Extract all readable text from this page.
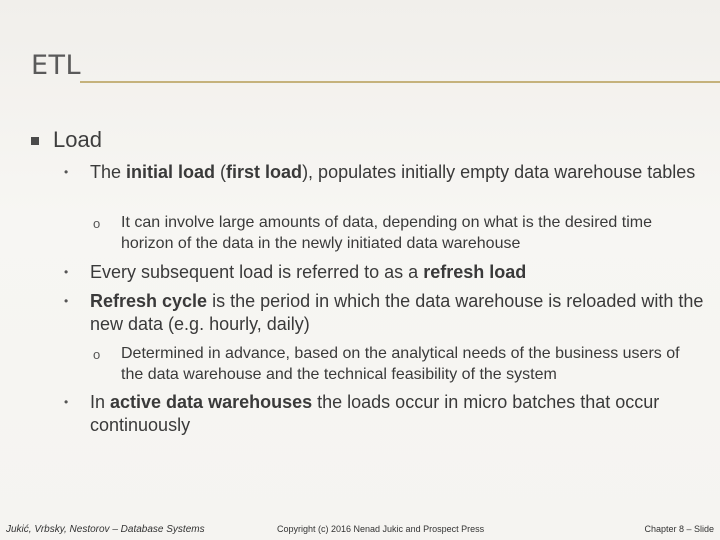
ETL
Load
• The initial load (first load), populates initially empty data warehouse tables
o It can involve large amounts of data, depending on what is the desired time horizon of the data in the newly initiated data warehouse
• Every subsequent load is referred to as a refresh load
• Refresh cycle is the period in which the data warehouse is reloaded with the new data (e.g. hourly, daily)
o Determined in advance, based on the analytical needs of the business users of the data warehouse and the technical feasibility of the system
• In active data warehouses the loads occur in micro batches that occur continuously
Jukić, Vrbsky, Nestorov – Database Systems	Copyright (c) 2016 Nenad Jukic and Prospect Press	Chapter 8 – Slide
